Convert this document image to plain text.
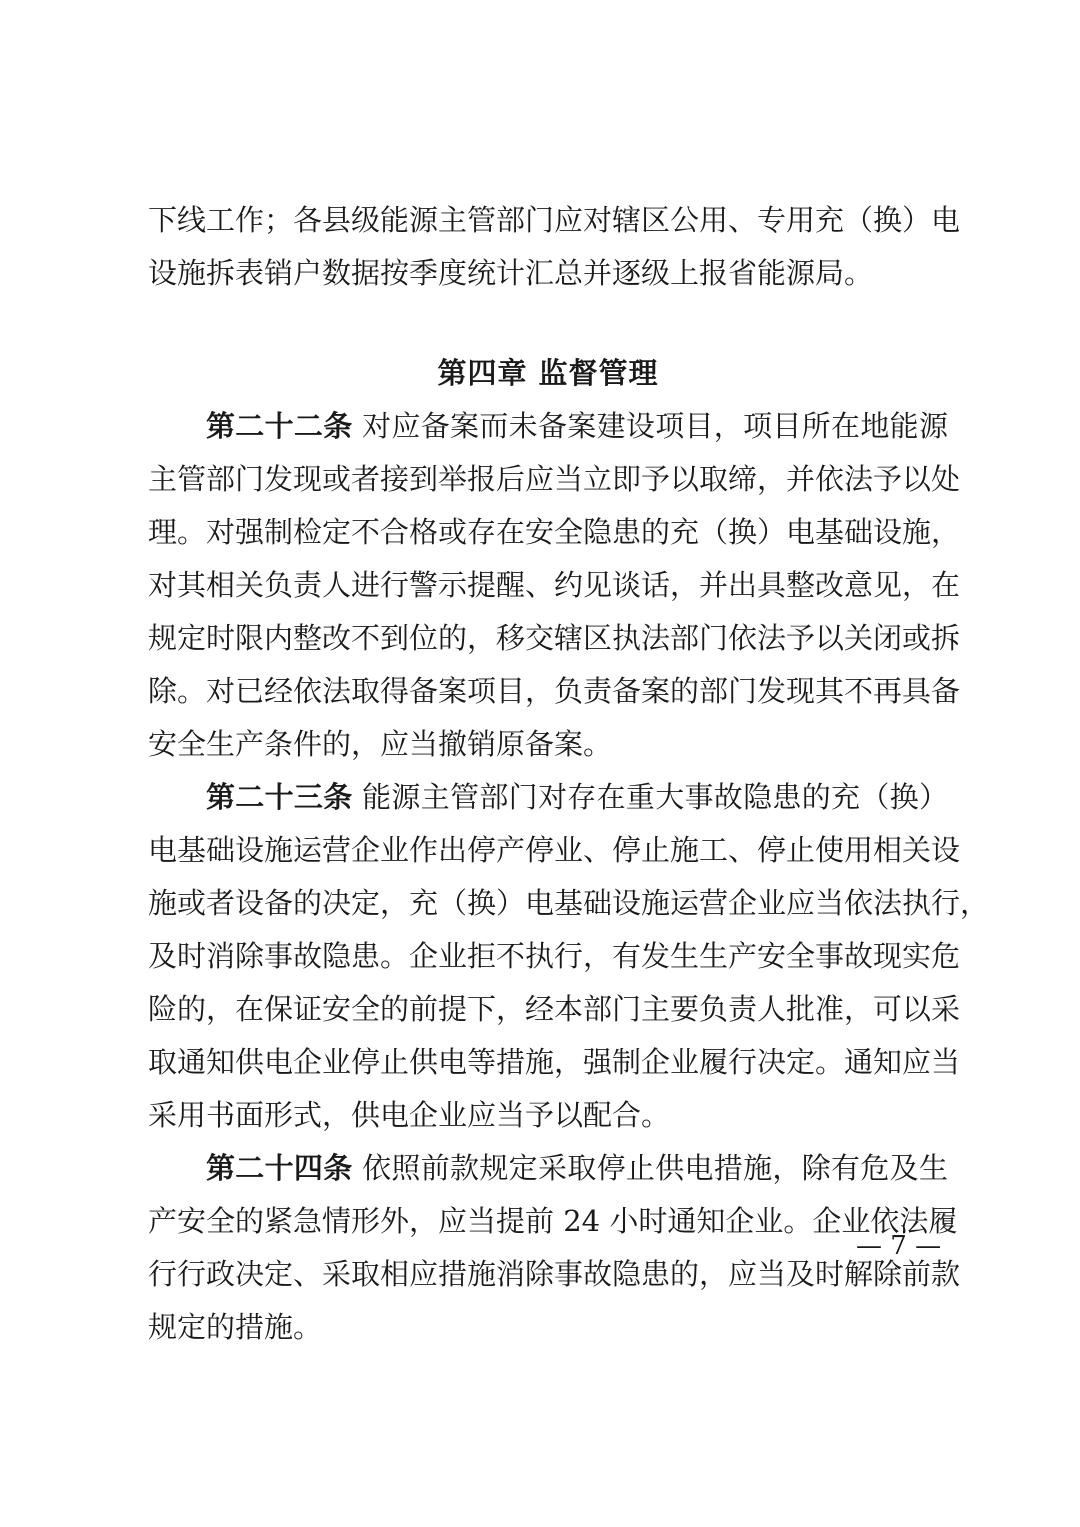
下线工作；各县级能源主管部门应对辖区公用、专用充（换）电
设施拆表销户数据按季度统计汇总并逐级上报省能源局。
第四章 监督管理
第二十二条 对应备案而未备案建设项目，项目所在地能源
主管部门发现或者接到举报后应当立即予以取缔，并依法予以处
理。对强制检定不合格或存在安全隐患的充（换）电基础设施，
对其相关负责人进行警示提醒、约见谈话，并出具整改意见，在
规定时限内整改不到位的，移交辖区执法部门依法予以关闭或拆
除。对已经依法取得备案项目，负责备案的部门发现其不再具备
安全生产条件的，应当撤销原备案。
第二十三条 能源主管部门对存在重大事故隐患的充（换）
电基础设施运营企业作出停产停业、停止施工、停止使用相关设
施或者设备的决定，充（换）电基础设施运营企业应当依法执行，
及时消除事故隐患。企业拒不执行，有发生生产安全事故现实危
险的，在保证安全的前提下，经本部门主要负责人批准，可以采
取通知供电企业停止供电等措施，强制企业履行决定。通知应当
采用书面形式，供电企业应当予以配合。
第二十四条 依照前款规定采取停止供电措施，除有危及生
产安全的紧急情形外，应当提前 24 小时通知企业。企业依法履
行行政决定、采取相应措施消除事故隐患的，应当及时解除前款
规定的措施。
— 7 —
